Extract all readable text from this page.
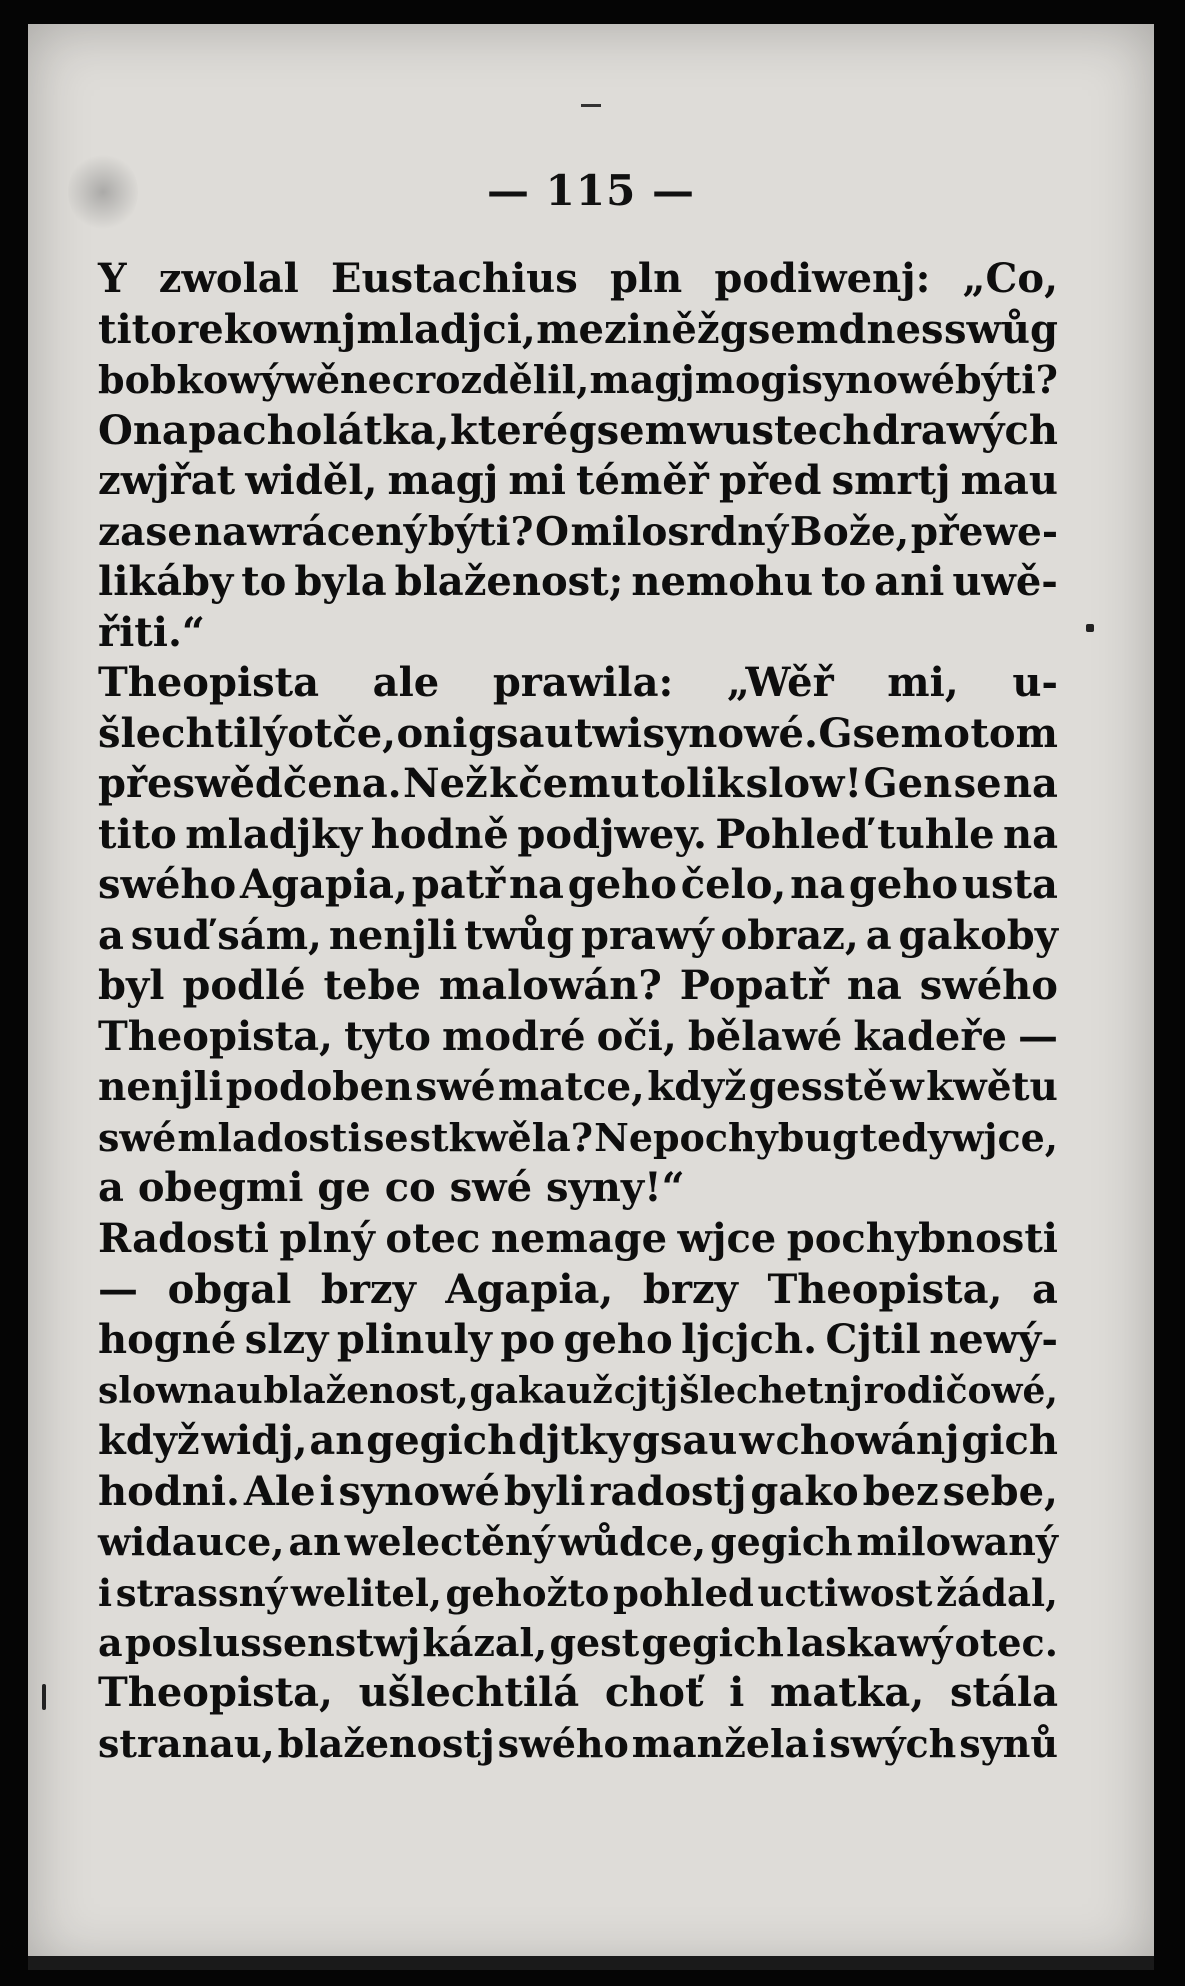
— 115 —
Y zwolal Eustachius pln podiwenj: „Co,
tito rekownj mladjci, mezi něž gsem dnes swůg
bobkowý wěnec rozdělil, magj mogi synowé býti?
Ona pacholátka, které gsem w ustech drawých
zwjřat widěl, magj mi téměř před smrtj mau
zase nawrácený býti? O milosrdný Bože, přewe-
likáby to byla blaženost; nemohu to ani uwě-
řiti.“
Theopista ale prawila: „Wěř mi, u-
šlechtilý otče, oni gsau twi synowé. Gsem o tom
přeswědčena. Než k čemu tolik slow! Gen se na
tito mladjky hodně podjwey. Pohleď tuhle na
swého Agapia, patř na geho čelo, na geho usta
a suď sám, nenjli twůg prawý obraz, a gakoby
byl podlé tebe malowán? Popatř na swého
Theopista, tyto modré oči, bělawé kadeře —
nenjli podoben swé matce, když gesstě w kwětu
swé mladosti se stkwěla? Nepochybug tedy wjce,
a obegmi ge co swé syny!“
Radosti plný otec nemage wjce pochybnosti
— obgal brzy Agapia, brzy Theopista, a
hogné slzy plinuly po geho ljcjch. Cjtil newý-
slownau blaženost, gakauž cjtj šlechetnj rodičowé,
když widj, an gegich djtky gsau w chowánj gich
hodni. Ale i synowé byli radostj gako bez sebe,
widauce, an welectěný wůdce, gegich milowaný
i strassný welitel, gehožto pohled uctiwost žádal,
a poslussenstwj kázal, gest gegich laskawý otec.
Theopista, ušlechtilá choť i matka, stála
stranau, blaženostj swého manžela i swých synů
